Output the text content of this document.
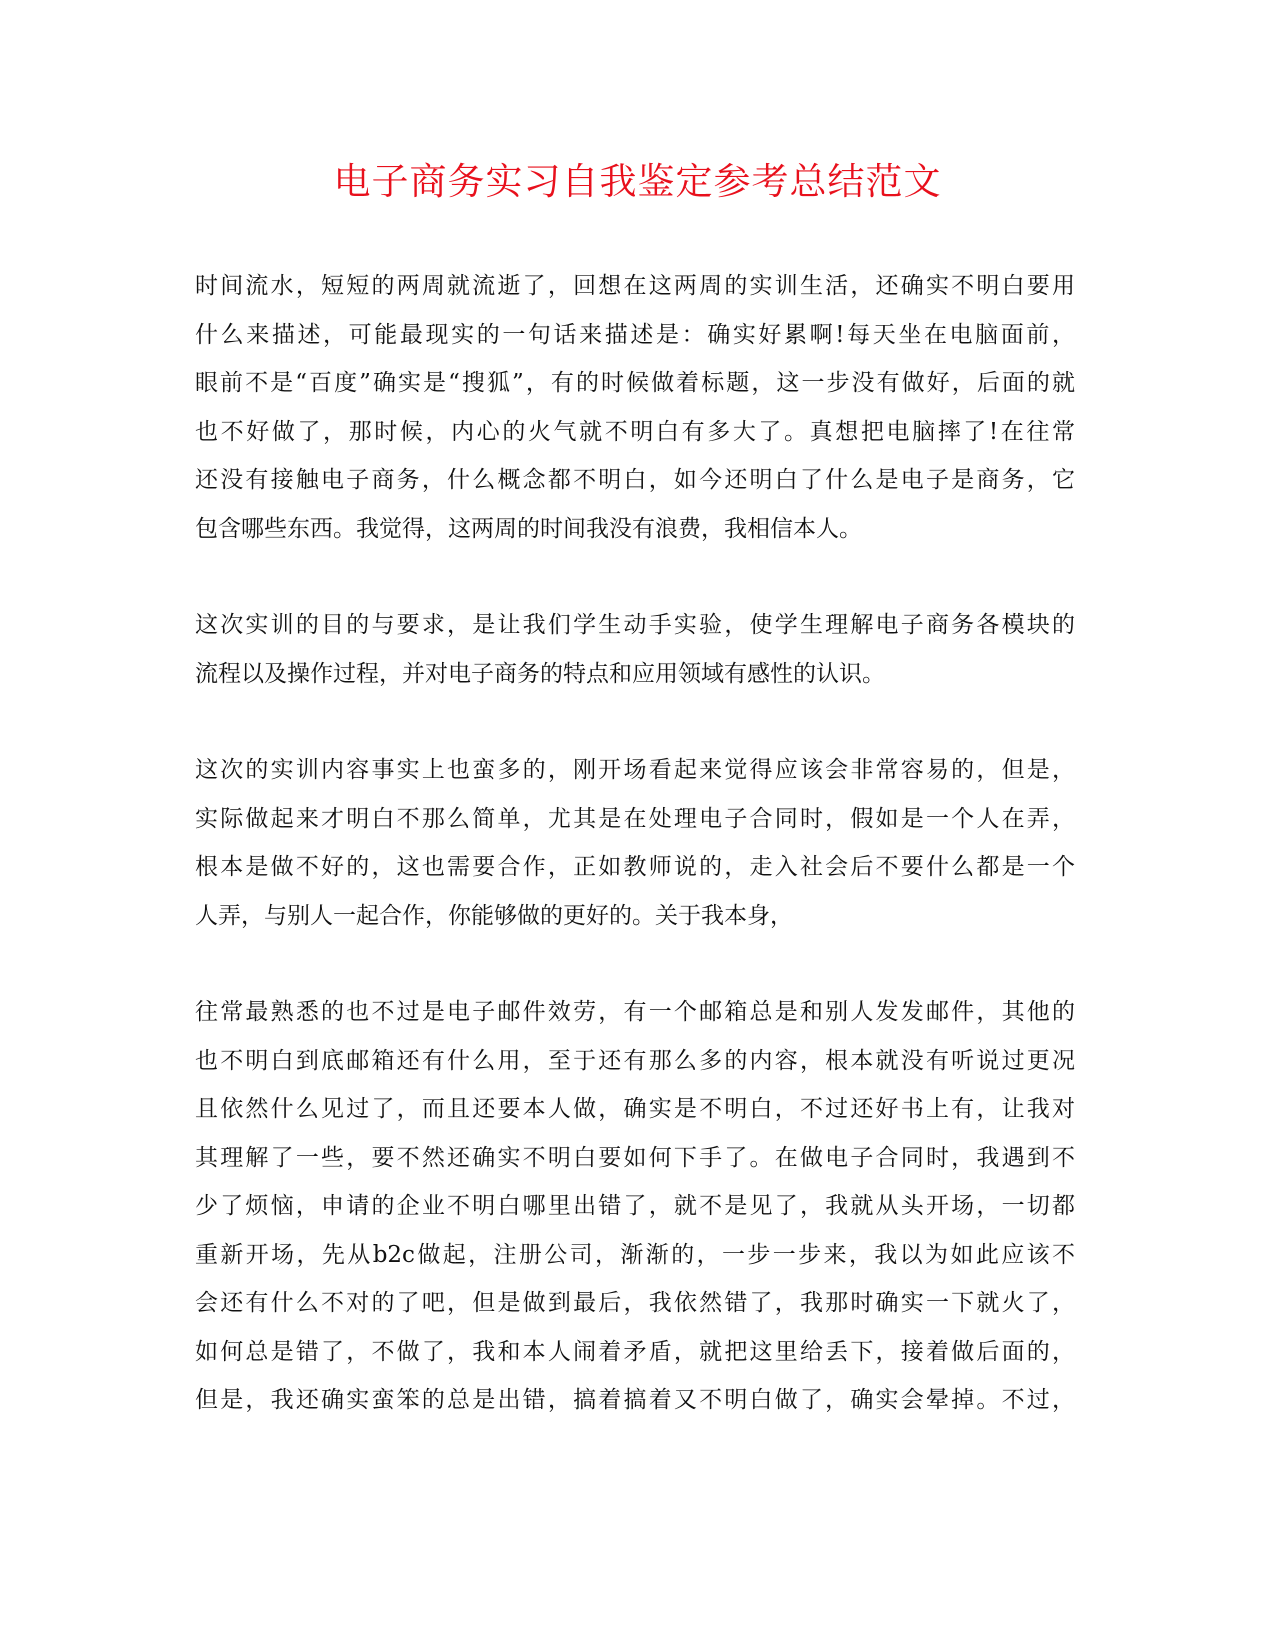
电子商务实习自我鉴定参考总结范文
时间流水，短短的两周就流逝了，回想在这两周的实训生活，还确实不明白要用
什么来描述，可能最现实的一句话来描述是：确实好累啊!每天坐在电脑面前，
眼前不是“百度”确实是“搜狐”，有的时候做着标题，这一步没有做好，后面的就
也不好做了，那时候，内心的火气就不明白有多大了。真想把电脑摔了!在往常
还没有接触电子商务，什么概念都不明白，如今还明白了什么是电子是商务，它
包含哪些东西。我觉得，这两周的时间我没有浪费，我相信本人。
这次实训的目的与要求，是让我们学生动手实验，使学生理解电子商务各模块的
流程以及操作过程，并对电子商务的特点和应用领域有感性的认识。
这次的实训内容事实上也蛮多的，刚开场看起来觉得应该会非常容易的，但是，
实际做起来才明白不那么简单，尤其是在处理电子合同时，假如是一个人在弄，
根本是做不好的，这也需要合作，正如教师说的，走入社会后不要什么都是一个
人弄，与别人一起合作，你能够做的更好的。关于我本身，
往常最熟悉的也不过是电子邮件效劳，有一个邮箱总是和别人发发邮件，其他的
也不明白到底邮箱还有什么用，至于还有那么多的内容，根本就没有听说过更况
且依然什么见过了，而且还要本人做，确实是不明白，不过还好书上有，让我对
其理解了一些，要不然还确实不明白要如何下手了。在做电子合同时，我遇到不
少了烦恼，申请的企业不明白哪里出错了，就不是见了，我就从头开场，一切都
重新开场，先从b2c做起，注册公司，渐渐的，一步一步来，我以为如此应该不
会还有什么不对的了吧，但是做到最后，我依然错了，我那时确实一下就火了，
如何总是错了，不做了，我和本人闹着矛盾，就把这里给丢下，接着做后面的，
但是，我还确实蛮笨的总是出错，搞着搞着又不明白做了，确实会晕掉。不过，
